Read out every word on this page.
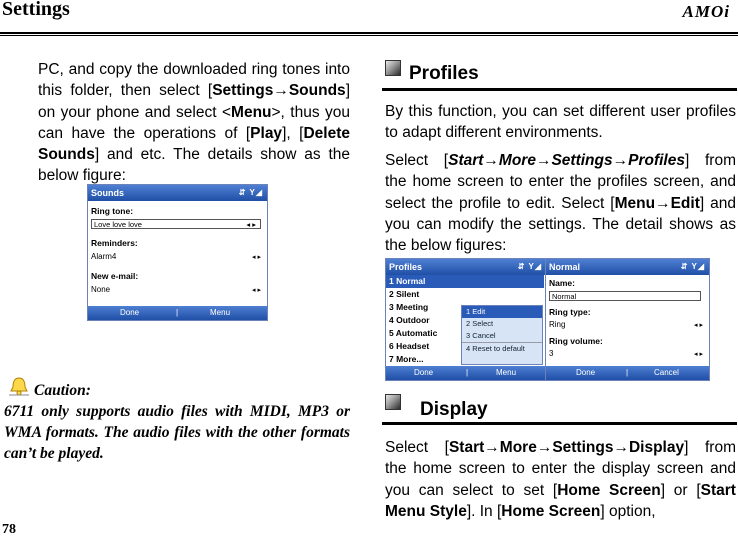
Settings	AMOi
PC, and copy the downloaded ring tones into this folder, then select [Settings→Sounds] on your phone and select <Menu>, thus you can have the operations of [Play], [Delete Sounds] and etc. The details show as the below figure:
Sounds	⇵ Y◢
Ring tone:
Love love love	◂ ▸
Reminders:
Alarm4	◂ ▸
New e-mail:
None	◂ ▸
Done	|	Menu
Caution:
6711 only supports audio files with MIDI, MP3 or WMA formats. The audio files with the other formats can’t be played.
Profiles
By this function, you can set different user profiles to adapt different environments.
Select [Start→More→Settings→Profiles] from the home screen to enter the profiles screen, and select the profile to edit. Select [Menu→Edit] and you can modify the settings. The detail shows as the below figures:
Profiles	⇵ Y◢
1 Normal
2 Silent
3 Meeting
4 Outdoor
5 Automatic
6 Headset
7 More...
1 Edit
2 Select
3 Cancel
4 Reset to default
Done	|	Menu
Normal	⇵ Y◢
Name:
Normal
Ring type:
Ring	◂ ▸
Ring volume:
3	◂ ▸
Done	|	Cancel
Display
Select [Start→More→Settings→Display] from the home screen to enter the display screen and you can select to set [Home Screen] or [Start Menu Style]. In [Home Screen] option,
78
